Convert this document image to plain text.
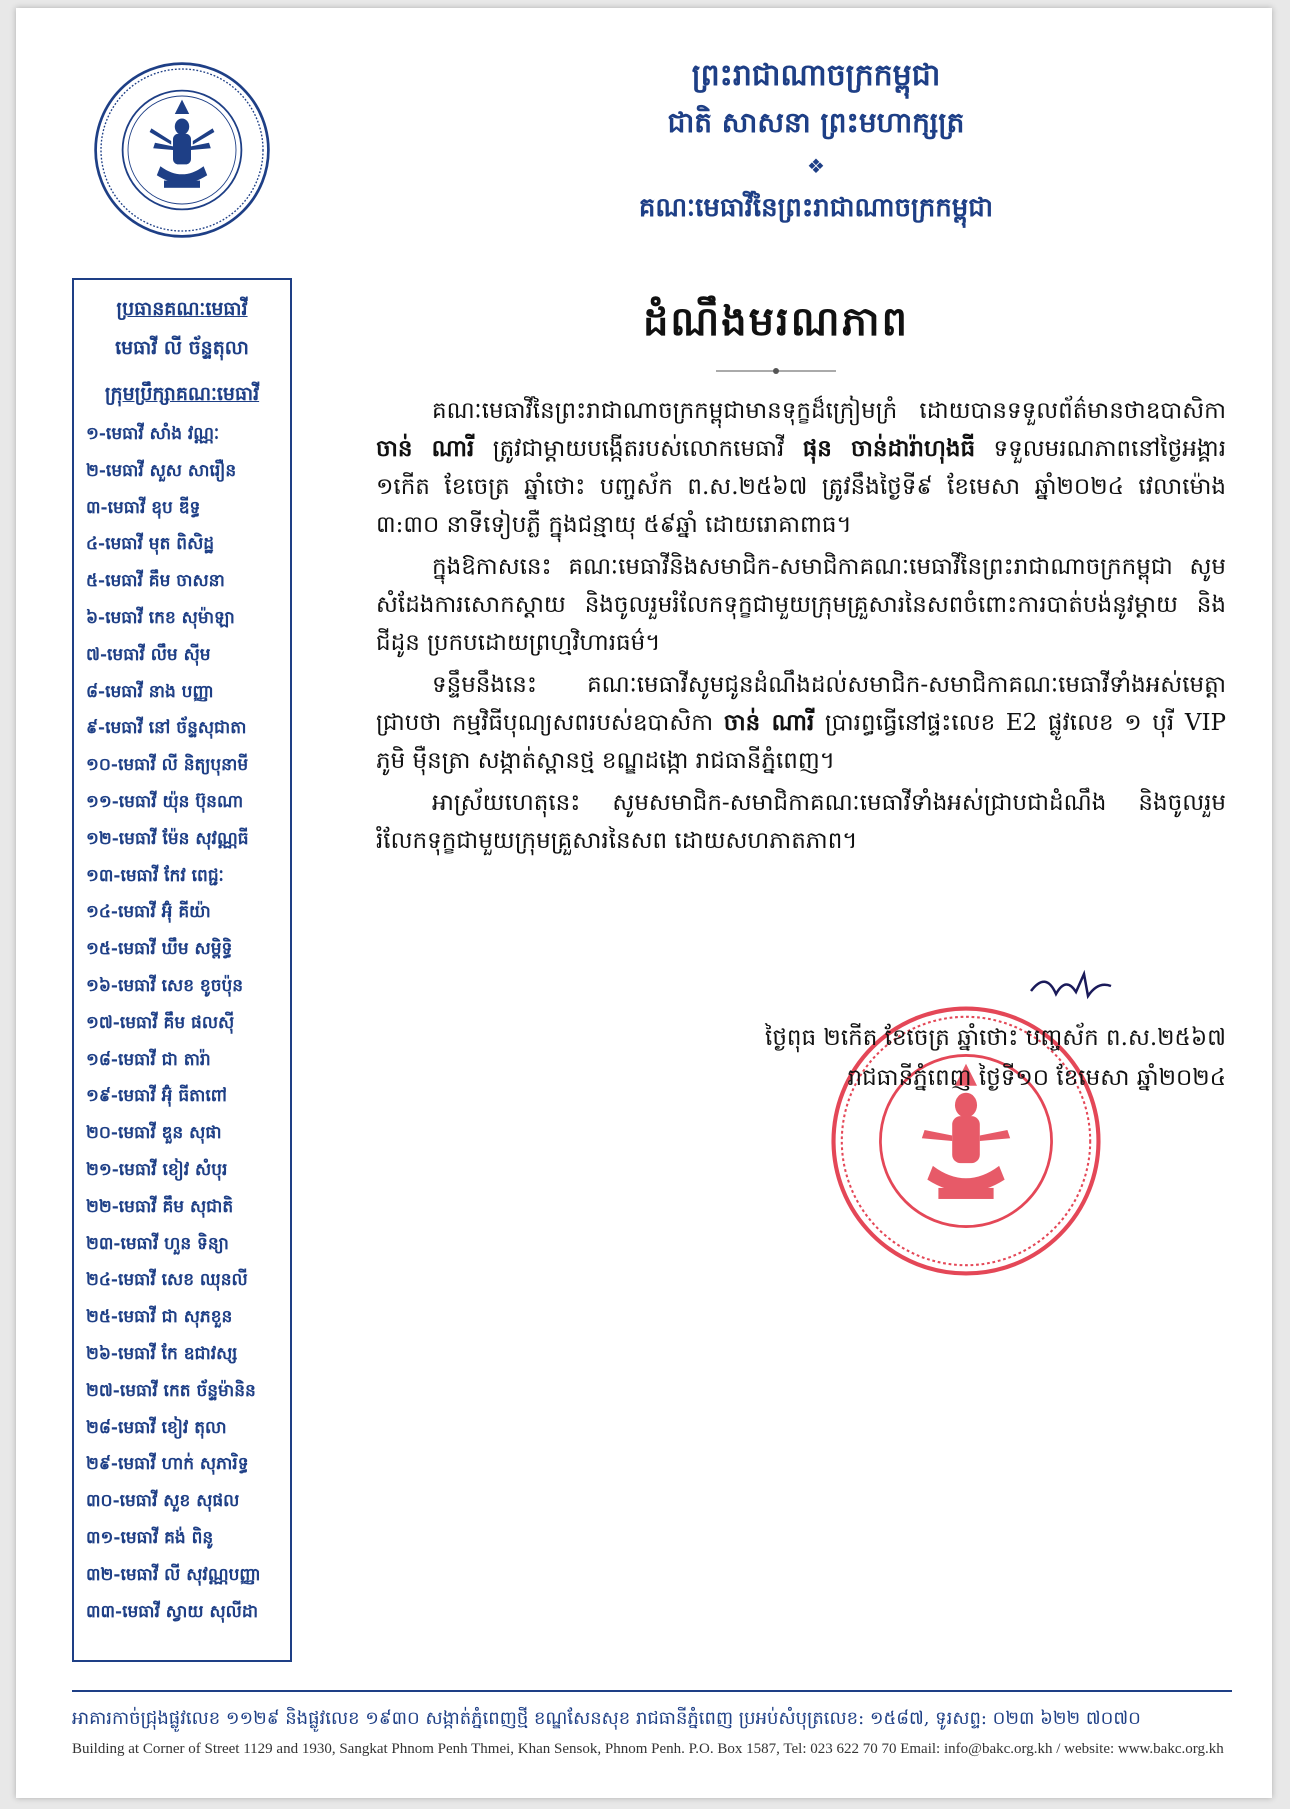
ព្រះរាជាណាចក្រកម្ពុជា
ជាតិ សាសនា ព្រះមហាក្សត្រ
❖
គណៈមេធាវីនៃព្រះរាជាណាចក្រកម្ពុជា
ប្រធានគណៈមេធាវី
មេធាវី លី ច័ន្ទតុលា
ក្រុមប្រឹក្សាគណៈមេធាវី
១-មេធាវី សាំង វណ្ណៈ
២-មេធាវី សួស សារឿន
៣-មេធាវី ឧុប ឌីទ្ធ
៤-មេធាវី មុត ពិសិដ្ឋ
៥-មេធាវី គឹម ចាសនា
៦-មេធាវី កេខ សុម៉ាឡា
៧-មេធាវី លឹម ស៊ីម
៨-មេធាវី នាង បញ្ញា
៩-មេធាវី នៅ ច័ន្ទសុជាតា
១០-មេធាវី លី និត្យបុនាមី
១១-មេធាវី យ៉ុន ប៊ុនណា
១២-មេធាវី ម៉ែន សុវណ្ណធី
១៣-មេធាវី កែវ ពេជ្ជៈ
១៤-មេធាវី អ៊ុំ គីយ៉ា
១៥-មេធាវី ឃឹម សម្ពិទ្ធិ
១៦-មេធាវី សេខ ខូចប៉ុន
១៧-មេធាវី គឹម ផលស៊ី
១៨-មេធាវី ជា តារ៉ា
១៩-មេធាវី អ៊ុំ ធីតាពៅ
២០-មេធាវី ឌួន សុផា
២១-មេធាវី ខៀវ សំបុរ
២២-មេធាវី គឹម សុជាតិ
២៣-មេធាវី ហួន ទិន្យា
២៤-មេធាវី សេខ ឈុនលី
២៥-មេធាវី ជា សុភខួន
២៦-មេធាវី កែ ឧជាវស្ស
២៧-មេធាវី កេត ច័ន្ទម៉ានិន
២៨-មេធាវី ខៀវ តុលា
២៩-មេធាវី ហាក់ សុភារិទ្ធ
៣០-មេធាវី សួខ សុផល
៣១-មេធាវី គង់ ពិនូ
៣២-មេធាវី លី សុវណ្ណបញ្ញា
៣៣-មេធាវី ស្វាយ សុលីដា
ដំណឹងមរណភាព

គណៈមេធាវីនៃព្រះរាជាណាចក្រកម្ពុជាមានទុក្ខដ៏ក្រៀមក្រំ ដោយបានទទួលព័ត៌មានថាឧបាសិកា ចាន់ ណារី ត្រូវជាម្ដាយបង្កើតរបស់លោកមេធាវី ផុន ចាន់ដារ៉ាហុងធី ទទួលមរណភាពនៅថ្ងៃអង្គារ ១កើត ខែចេត្រ ឆ្នាំថោះ បញ្ចស័ក ព.ស.២៥៦៧ ត្រូវនឹងថ្ងៃទី៩ ខែមេសា ឆ្នាំ២០២៤ វេលាម៉ោង ៣:៣០ នាទីទៀបភ្លឺ ក្នុងជន្មាយុ ៥៩ឆ្នាំ ដោយរោគាពាធ។

ក្នុងឱកាសនេះ គណៈមេធាវីនិងសមាជិក-សមាជិកាគណៈមេធាវីនៃព្រះរាជាណាចក្រកម្ពុជា សូមសំដែងការសោកស្ដាយ និងចូលរួមរំលែកទុក្ខជាមួយក្រុមគ្រួសារនៃសពចំពោះការបាត់បង់នូវម្ដាយ និងជីដូន ប្រកបដោយព្រហ្មវិហារធម៌។

ទន្ទឹមនឹងនេះ គណៈមេធាវីសូមជូនដំណឹងដល់សមាជិក-សមាជិកាគណៈមេធាវីទាំងអស់មេត្តាជ្រាបថា កម្មវិធីបុណ្យសពរបស់ឧបាសិកា ចាន់ ណារី ប្រារព្ធធ្វើនៅផ្ទះលេខ E2 ផ្លូវលេខ ១ បុរី VIP ភូមិ ម៉ឺនត្រា សង្កាត់ស្ពានថ្ម ខណ្ឌដង្កោ រាជធានីភ្នំពេញ។

អាស្រ័យហេតុនេះ សូមសមាជិក-សមាជិកាគណៈមេធាវីទាំងអស់ជ្រាបជាដំណឹង និងចូលរួមរំលែកទុក្ខជាមួយក្រុមគ្រួសារនៃសព ដោយសហភាតភាព។

ថ្ងៃពុធ ២កើត ខែចេត្រ ឆ្នាំថោះ បញ្ចស័ក ព.ស.២៥៦៧
រាជធានីភ្នំពេញ ថ្ងៃទី១០ ខែមេសា ឆ្នាំ២០២៤
អាគារកាច់ជ្រុងផ្លូវលេខ ១១២៩ និងផ្លូវលេខ ១៩៣០ សង្កាត់ភ្នំពេញថ្មី ខណ្ឌសែនសុខ រាជធានីភ្នំពេញ ប្រអប់សំបុត្រលេខ: ១៥៨៧, ទូរសព្ទ: ០២៣ ៦២២ ៧០៧០
Building at Corner of Street 1129 and 1930, Sangkat Phnom Penh Thmei, Khan Sensok, Phnom Penh. P.O. Box 1587, Tel: 023 622 70 70 Email: info@bakc.org.kh / website: www.bakc.org.kh
